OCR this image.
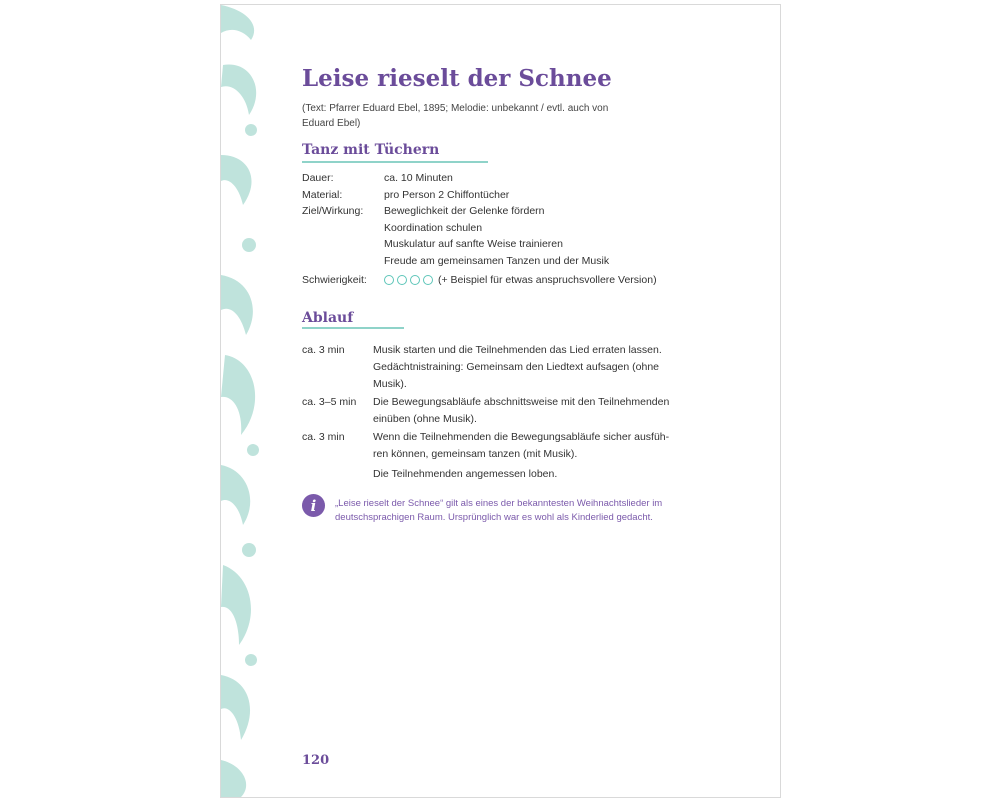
Leise rieselt der Schnee
(Text: Pfarrer Eduard Ebel, 1895; Melodie: unbekannt / evtl. auch von Eduard Ebel)
Tanz mit Tüchern
Dauer:	ca. 10 Minuten
Material:	pro Person 2 Chiffontücher
Ziel/Wirkung:	Beweglichkeit der Gelenke fördern
Koordination schulen
Muskulatur auf sanfte Weise trainieren
Freude am gemeinsamen Tanzen und der Musik
Schwierigkeit:	(+ Beispiel für etwas anspruchsvollere Version)
Ablauf
ca. 3 min	Musik starten und die Teilnehmenden das Lied erraten lassen.
Gedächtnistraining: Gemeinsam den Liedtext aufsagen (ohne
Musik).
ca. 3–5 min	Die Bewegungsabläufe abschnittsweise mit den Teilnehmenden
einüben (ohne Musik).
ca. 3 min	Wenn die Teilnehmenden die Bewegungsabläufe sicher ausfüh-
ren können, gemeinsam tanzen (mit Musik).
Die Teilnehmenden angemessen loben.
i	„Leise rieselt der Schnee“ gilt als eines der bekanntesten Weihnachtslieder im deutschsprachigen Raum. Ursprünglich war es wohl als Kinderlied gedacht.
120
